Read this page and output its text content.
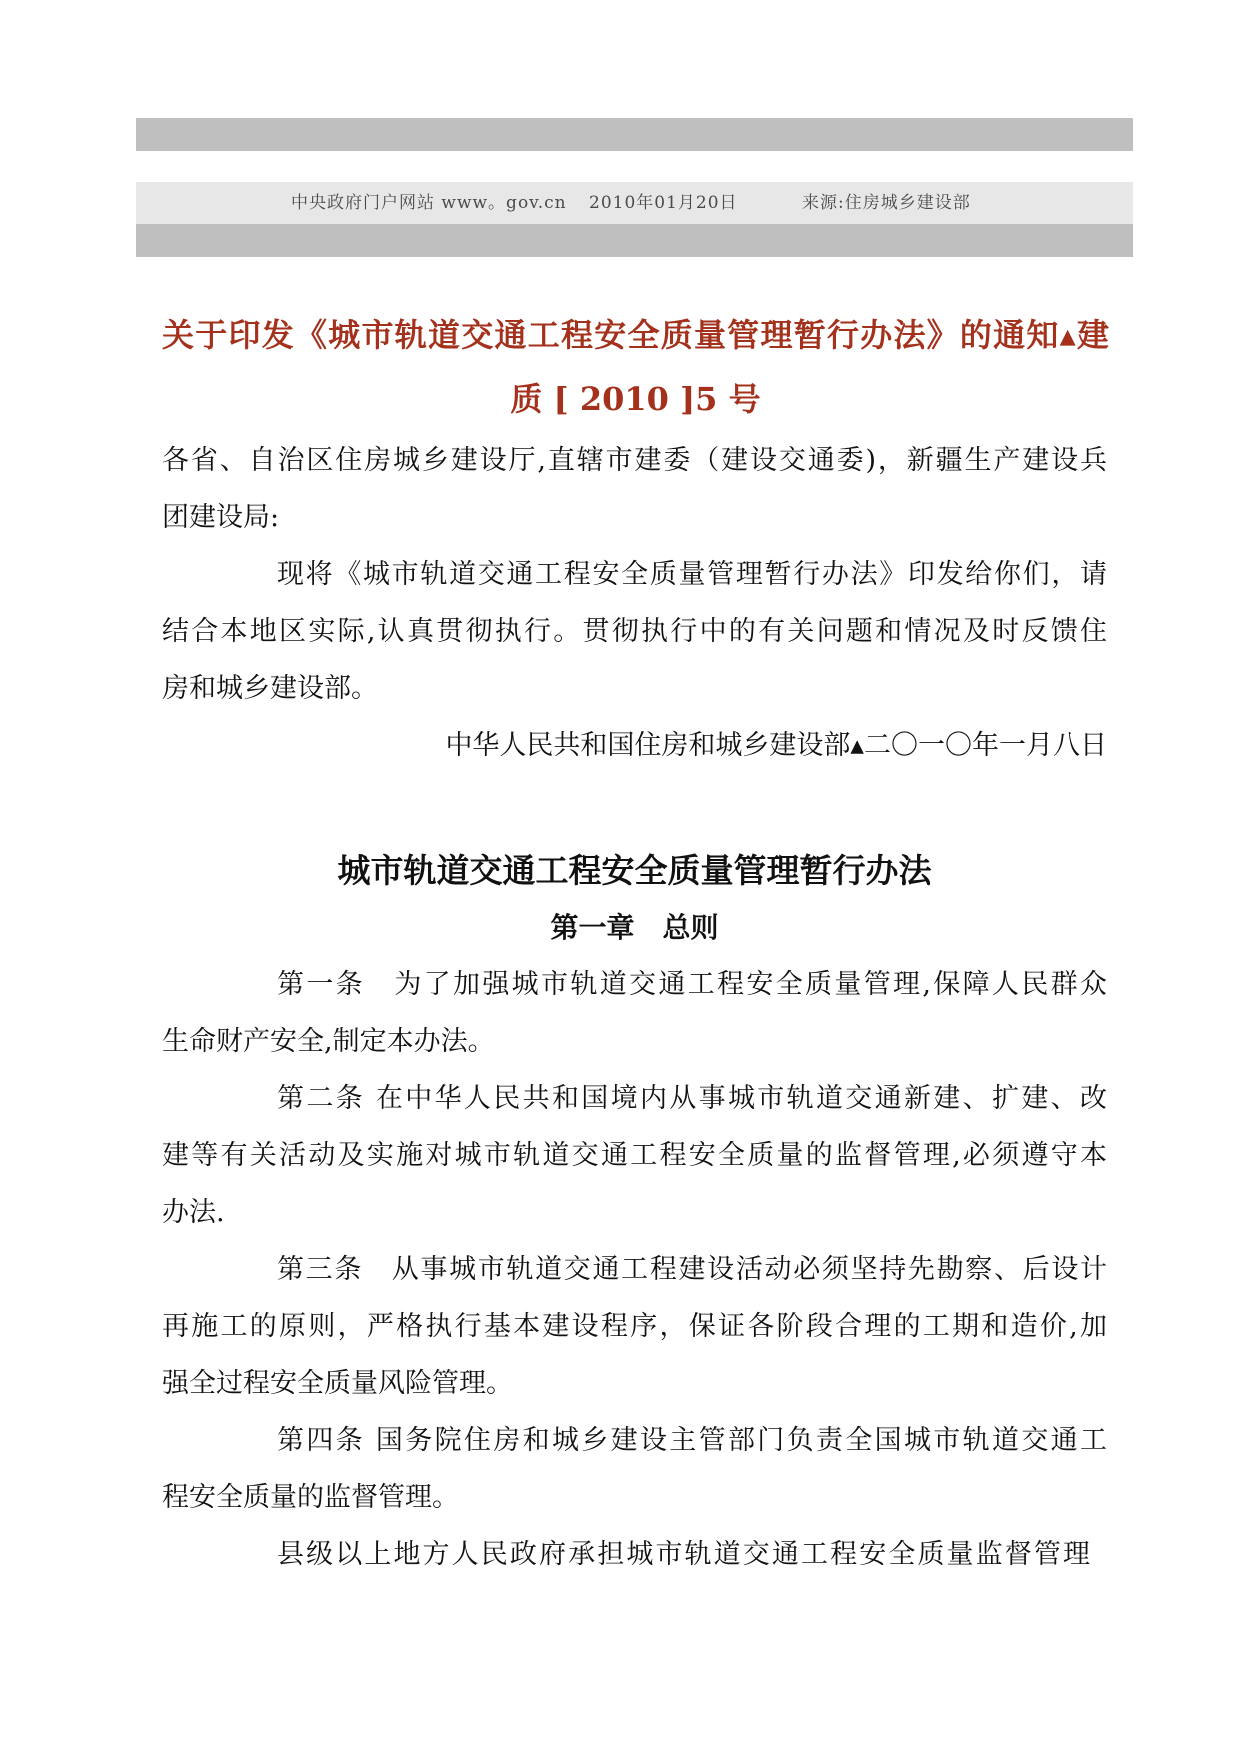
中央政府门户网站 www。gov.cn	2010年01月20日	来源:住房城乡建设部
关于印发《城市轨道交通工程安全质量管理暂行办法》的通知▴建
质 [ 2010 ]5 号
各省、自治区住房城乡建设厅,直辖市建委（建设交通委)，新疆生产建设兵
团建设局:
现将《城市轨道交通工程安全质量管理暂行办法》印发给你们，请
结合本地区实际,认真贯彻执行。贯彻执行中的有关问题和情况及时反馈住
房和城乡建设部。
中华人民共和国住房和城乡建设部▴二〇一〇年一月八日
城市轨道交通工程安全质量管理暂行办法
第一章　总则
第一条　为了加强城市轨道交通工程安全质量管理,保障人民群众
生命财产安全,制定本办法。
第二条 在中华人民共和国境内从事城市轨道交通新建、扩建、改
建等有关活动及实施对城市轨道交通工程安全质量的监督管理,必须遵守本
办法.
第三条　从事城市轨道交通工程建设活动必须坚持先勘察、后设计
再施工的原则，严格执行基本建设程序，保证各阶段合理的工期和造价,加
强全过程安全质量风险管理。
第四条 国务院住房和城乡建设主管部门负责全国城市轨道交通工
程安全质量的监督管理。
县级以上地方人民政府承担城市轨道交通工程安全质量监督管理
